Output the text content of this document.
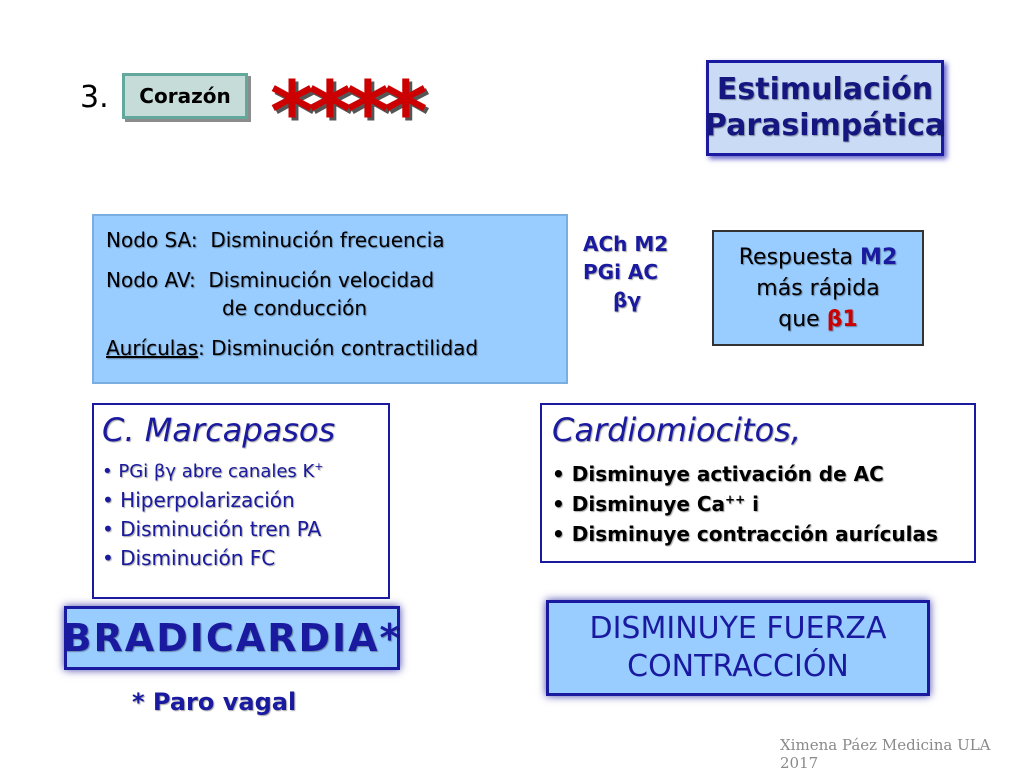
3. Corazón ****	Estimulación
Parasimpática

Nodo SA: Disminución frecuencia

Nodo AV: Disminución velocidad

de conducción

Aurículas: Disminución contractilidad

ACh M2
PGi AC
βγ
Respuesta M2
más rápida
que β1
C. Marcapasos
• PGi βγ abre canales K+
• Hiperpolarización
• Disminución tren PA
• Disminución FC
Cardiomiocitos,
• Disminuye activación de AC
• Disminuye Ca++ i
• Disminuye contracción aurículas
BRADICARDIA*	DISMINUYE FUERZA
CONTRACCIÓN
* Paro vagal
Ximena Páez Medicina ULA 2017
